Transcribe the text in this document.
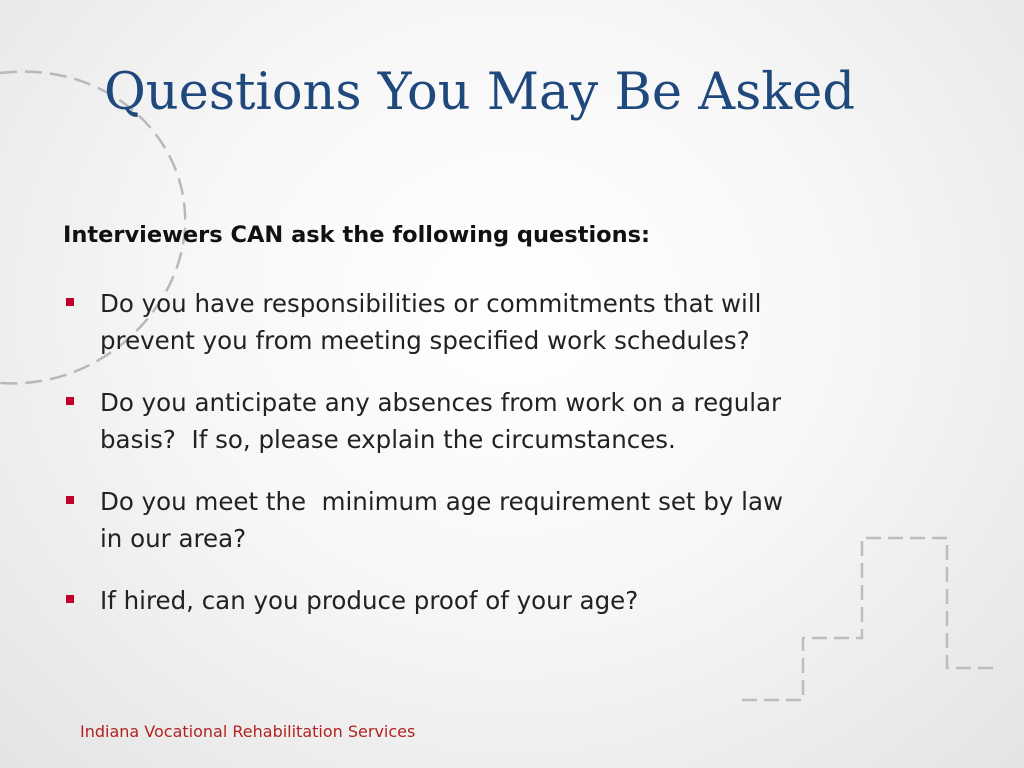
Questions You May Be Asked
Interviewers CAN ask the following questions:
Do you have responsibilities or commitments that will
prevent you from meeting specified work schedules?
Do you anticipate any absences from work on a regular
basis?  If so, please explain the circumstances.
Do you meet the  minimum age requirement set by law
in our area?
If hired, can you produce proof of your age?
Indiana Vocational Rehabilitation Services
